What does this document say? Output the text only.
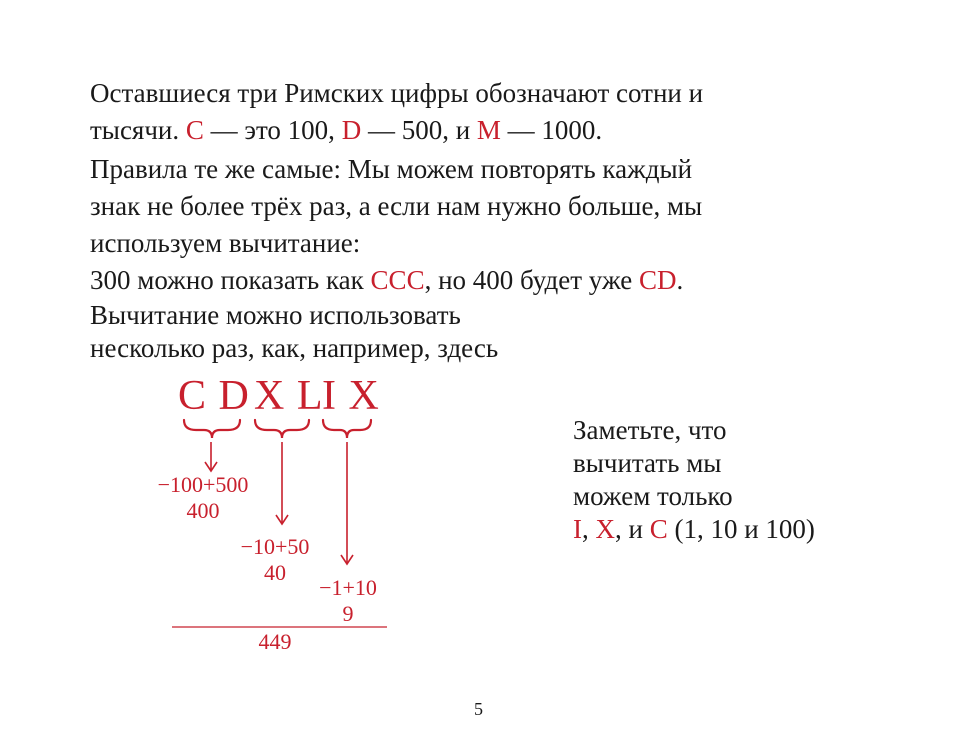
Оставшиеся три Римских цифры обозначают сотни и
тысячи. C — это 100, D — 500, и M — 1000.
Правила те же самые: Мы можем повторять каждый
знак не более трёх раз, а если нам нужно больше, мы
используем вычитание:
300 можно показать как CCC, но 400 будет уже CD.
Вычитание можно использовать
несколько раз, как, например, здесь
C D X L
I X
−100+500
400
−10+50
40
−1+10
9
449
Заметьте, что
вычитать мы
можем только
I, X, и C (1, 10 и 100)
5
